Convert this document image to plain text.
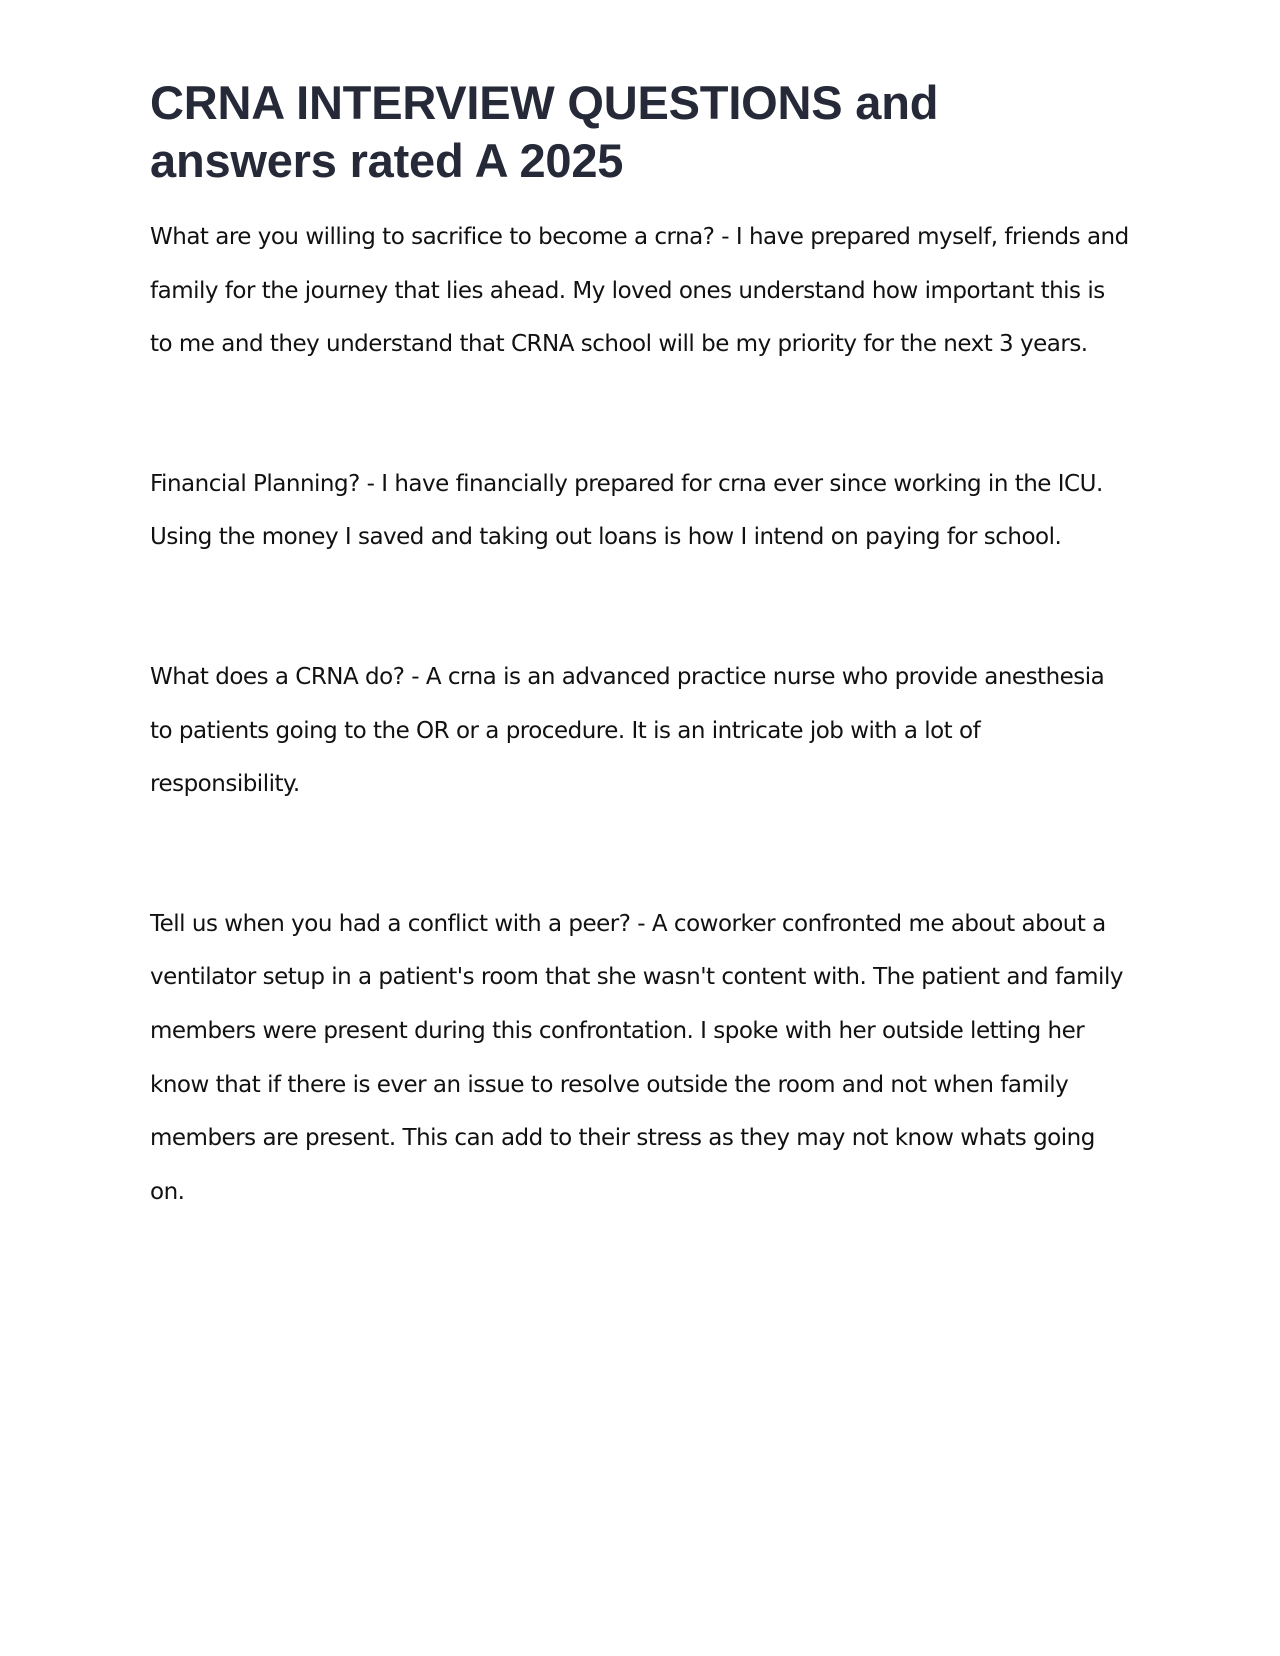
CRNA INTERVIEW QUESTIONS and answers rated A 2025

What are you willing to sacrifice to become a crna? - I have prepared myself, friends and family for the journey that lies ahead. My loved ones understand how important this is to me and they understand that CRNA school will be my priority for the next 3 years.

Financial Planning? - I have financially prepared for crna ever since working in the ICU. Using the money I saved and taking out loans is how I intend on paying for school.

What does a CRNA do? - A crna is an advanced practice nurse who provide anesthesia to patients going to the OR or a procedure. It is an intricate job with a lot of responsibility.

Tell us when you had a conflict with a peer? - A coworker confronted me about about a ventilator setup in a patient's room that she wasn't content with. The patient and family members were present during this confrontation. I spoke with her outside letting her know that if there is ever an issue to resolve outside the room and not when family members are present. This can add to their stress as they may not know whats going on.
